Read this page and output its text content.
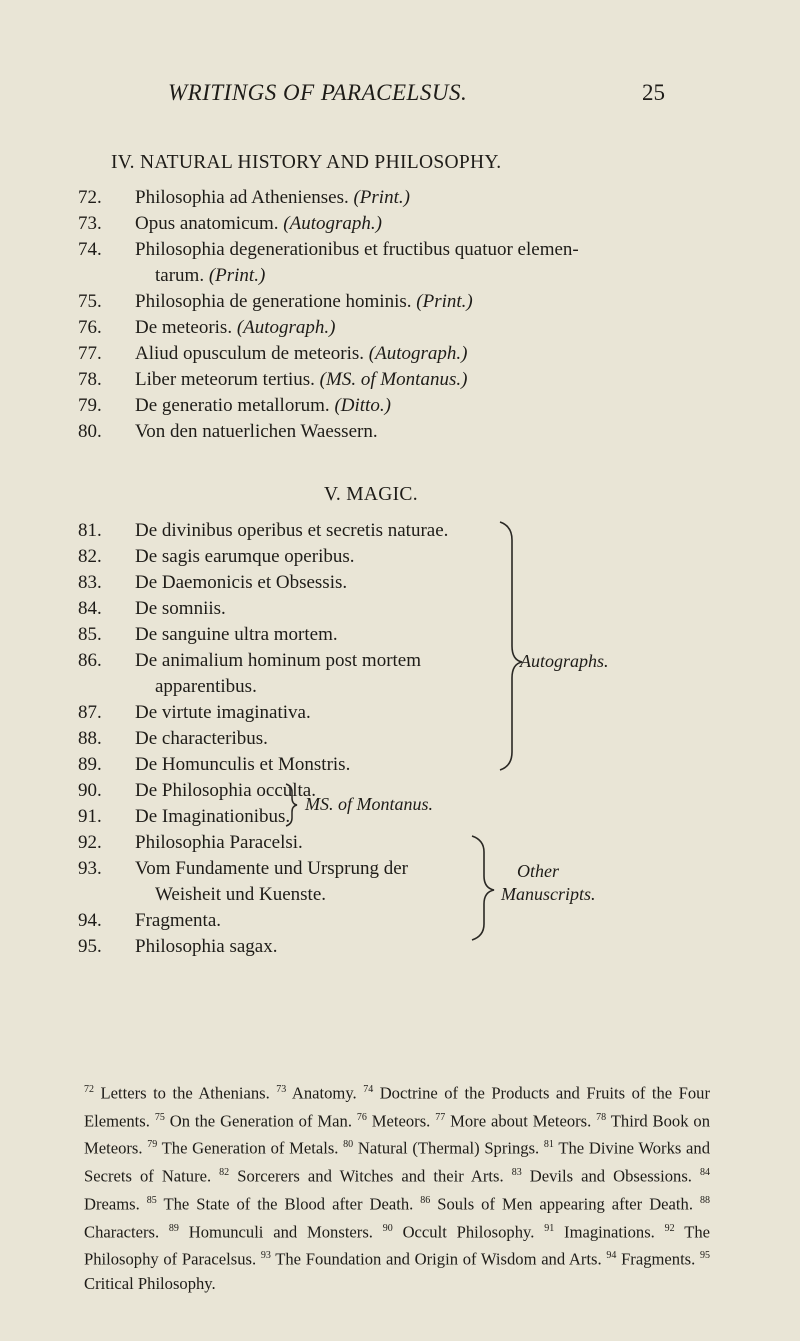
WRITINGS OF PARACELSUS.	25
IV. NATURAL HISTORY AND PHILOSOPHY.
72. Philosophia ad Athenienses. (Print.)
73. Opus anatomicum. (Autograph.)
74. Philosophia degenerationibus et fructibus quatuor elemen-
tarum. (Print.)
75. Philosophia de generatione hominis. (Print.)
76. De meteoris. (Autograph.)
77. Aliud opusculum de meteoris. (Autograph.)
78. Liber meteorum tertius. (MS. of Montanus.)
79. De generatio metallorum. (Ditto.)
80. Von den natuerlichen Waessern.
V. MAGIC.
81. De divinibus operibus et secretis naturae.
82. De sagis earumque operibus.
83. De Daemonicis et Obsessis.
84. De somniis.
85. De sanguine ultra mortem.
86. De animalium hominum post mortem
apparentibus.
87. De virtute imaginativa.
88. De characteribus.
89. De Homunculis et Monstris.
90. De Philosophia occulta.
91. De Imaginationibus.
92. Philosophia Paracelsi.
93. Vom Fundamente und Ursprung der
Weisheit und Kuenste.
94. Fragmenta.
95. Philosophia sagax.
Autographs.
MS. of Montanus.
Other
Manuscripts.
$^{72}$ Letters to the Athenians. $^{73}$ Anatomy. $^{74}$ Doctrine of the Products and Fruits of the Four Elements. $^{75}$ On the Generation of Man. $^{76}$ Meteors. $^{77}$ More about Meteors. $^{78}$ Third Book on Meteors. $^{79}$ The Generation of Metals. $^{80}$ Natural (Thermal) Springs. $^{81}$ The Divine Works and Secrets of Nature. $^{82}$ Sorcerers and Witches and their Arts. $^{83}$ Devils and Obsessions. $^{84}$ Dreams. $^{85}$ The State of the Blood after Death. $^{86}$ Souls of Men appearing after Death. $^{88}$ Characters. $^{89}$ Homunculi and Monsters. $^{90}$ Occult Philosophy. $^{91}$ Imaginations. $^{92}$ The Philosophy of Paracelsus. $^{93}$ The Foundation and Origin of Wisdom and Arts. $^{94}$ Fragments. $^{95}$ Critical Philosophy.
